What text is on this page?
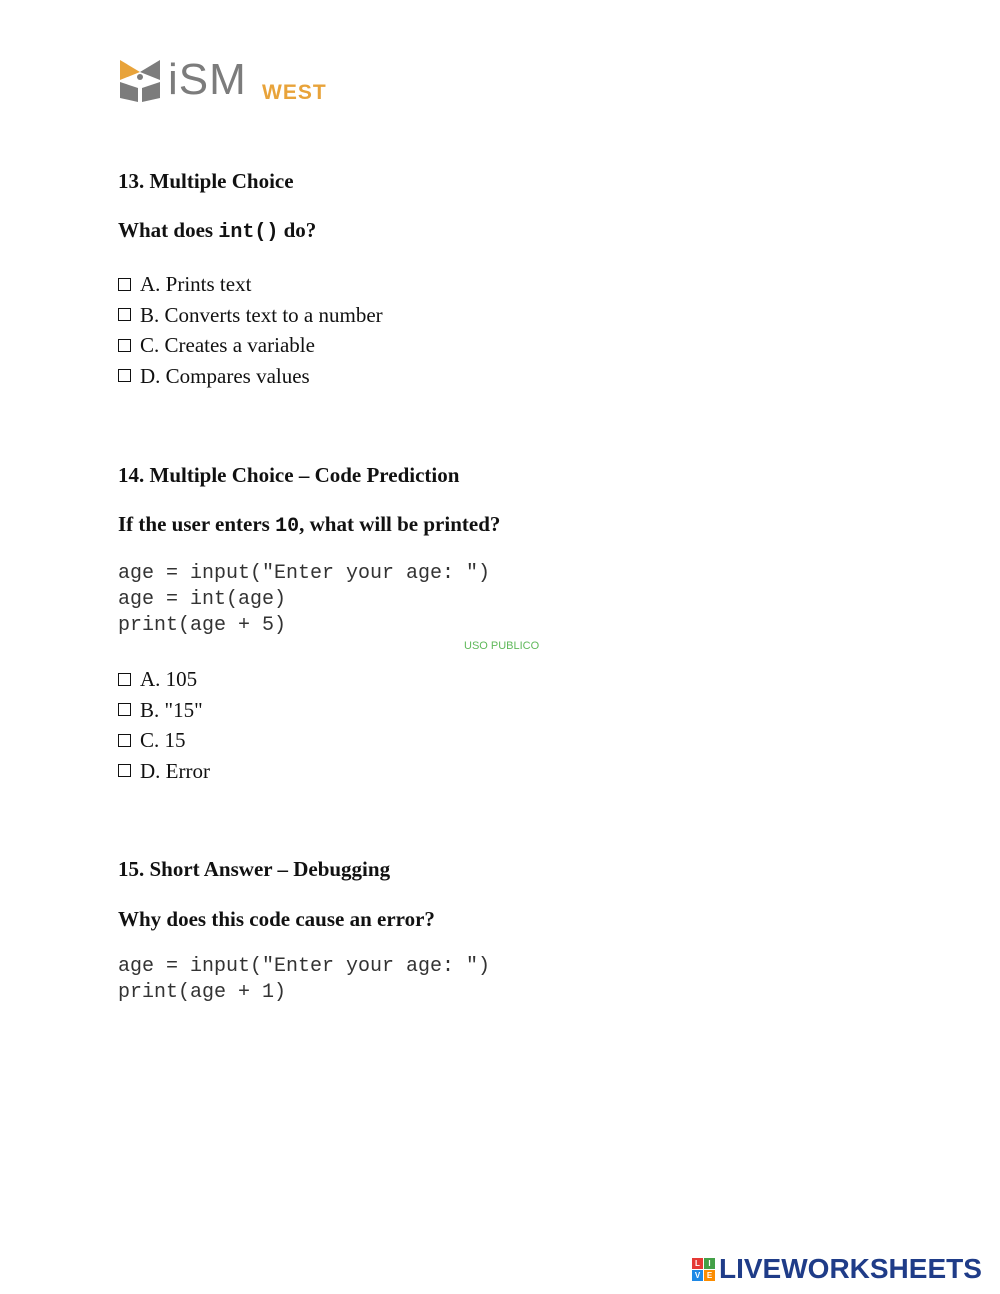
iSM WEST
13. Multiple Choice
What does int() do?
A. Prints text
B. Converts text to a number
C. Creates a variable
D. Compares values
14. Multiple Choice – Code Prediction
If the user enters 10, what will be printed?
age = input("Enter your age: ")
age = int(age)
print(age + 5)
USO PUBLICO
A. 105
B. "15"
C. 15
D. Error
15. Short Answer – Debugging
Why does this code cause an error?
age = input("Enter your age: ")
print(age + 1)
L	I
V E LIVEWORKSHEETS
